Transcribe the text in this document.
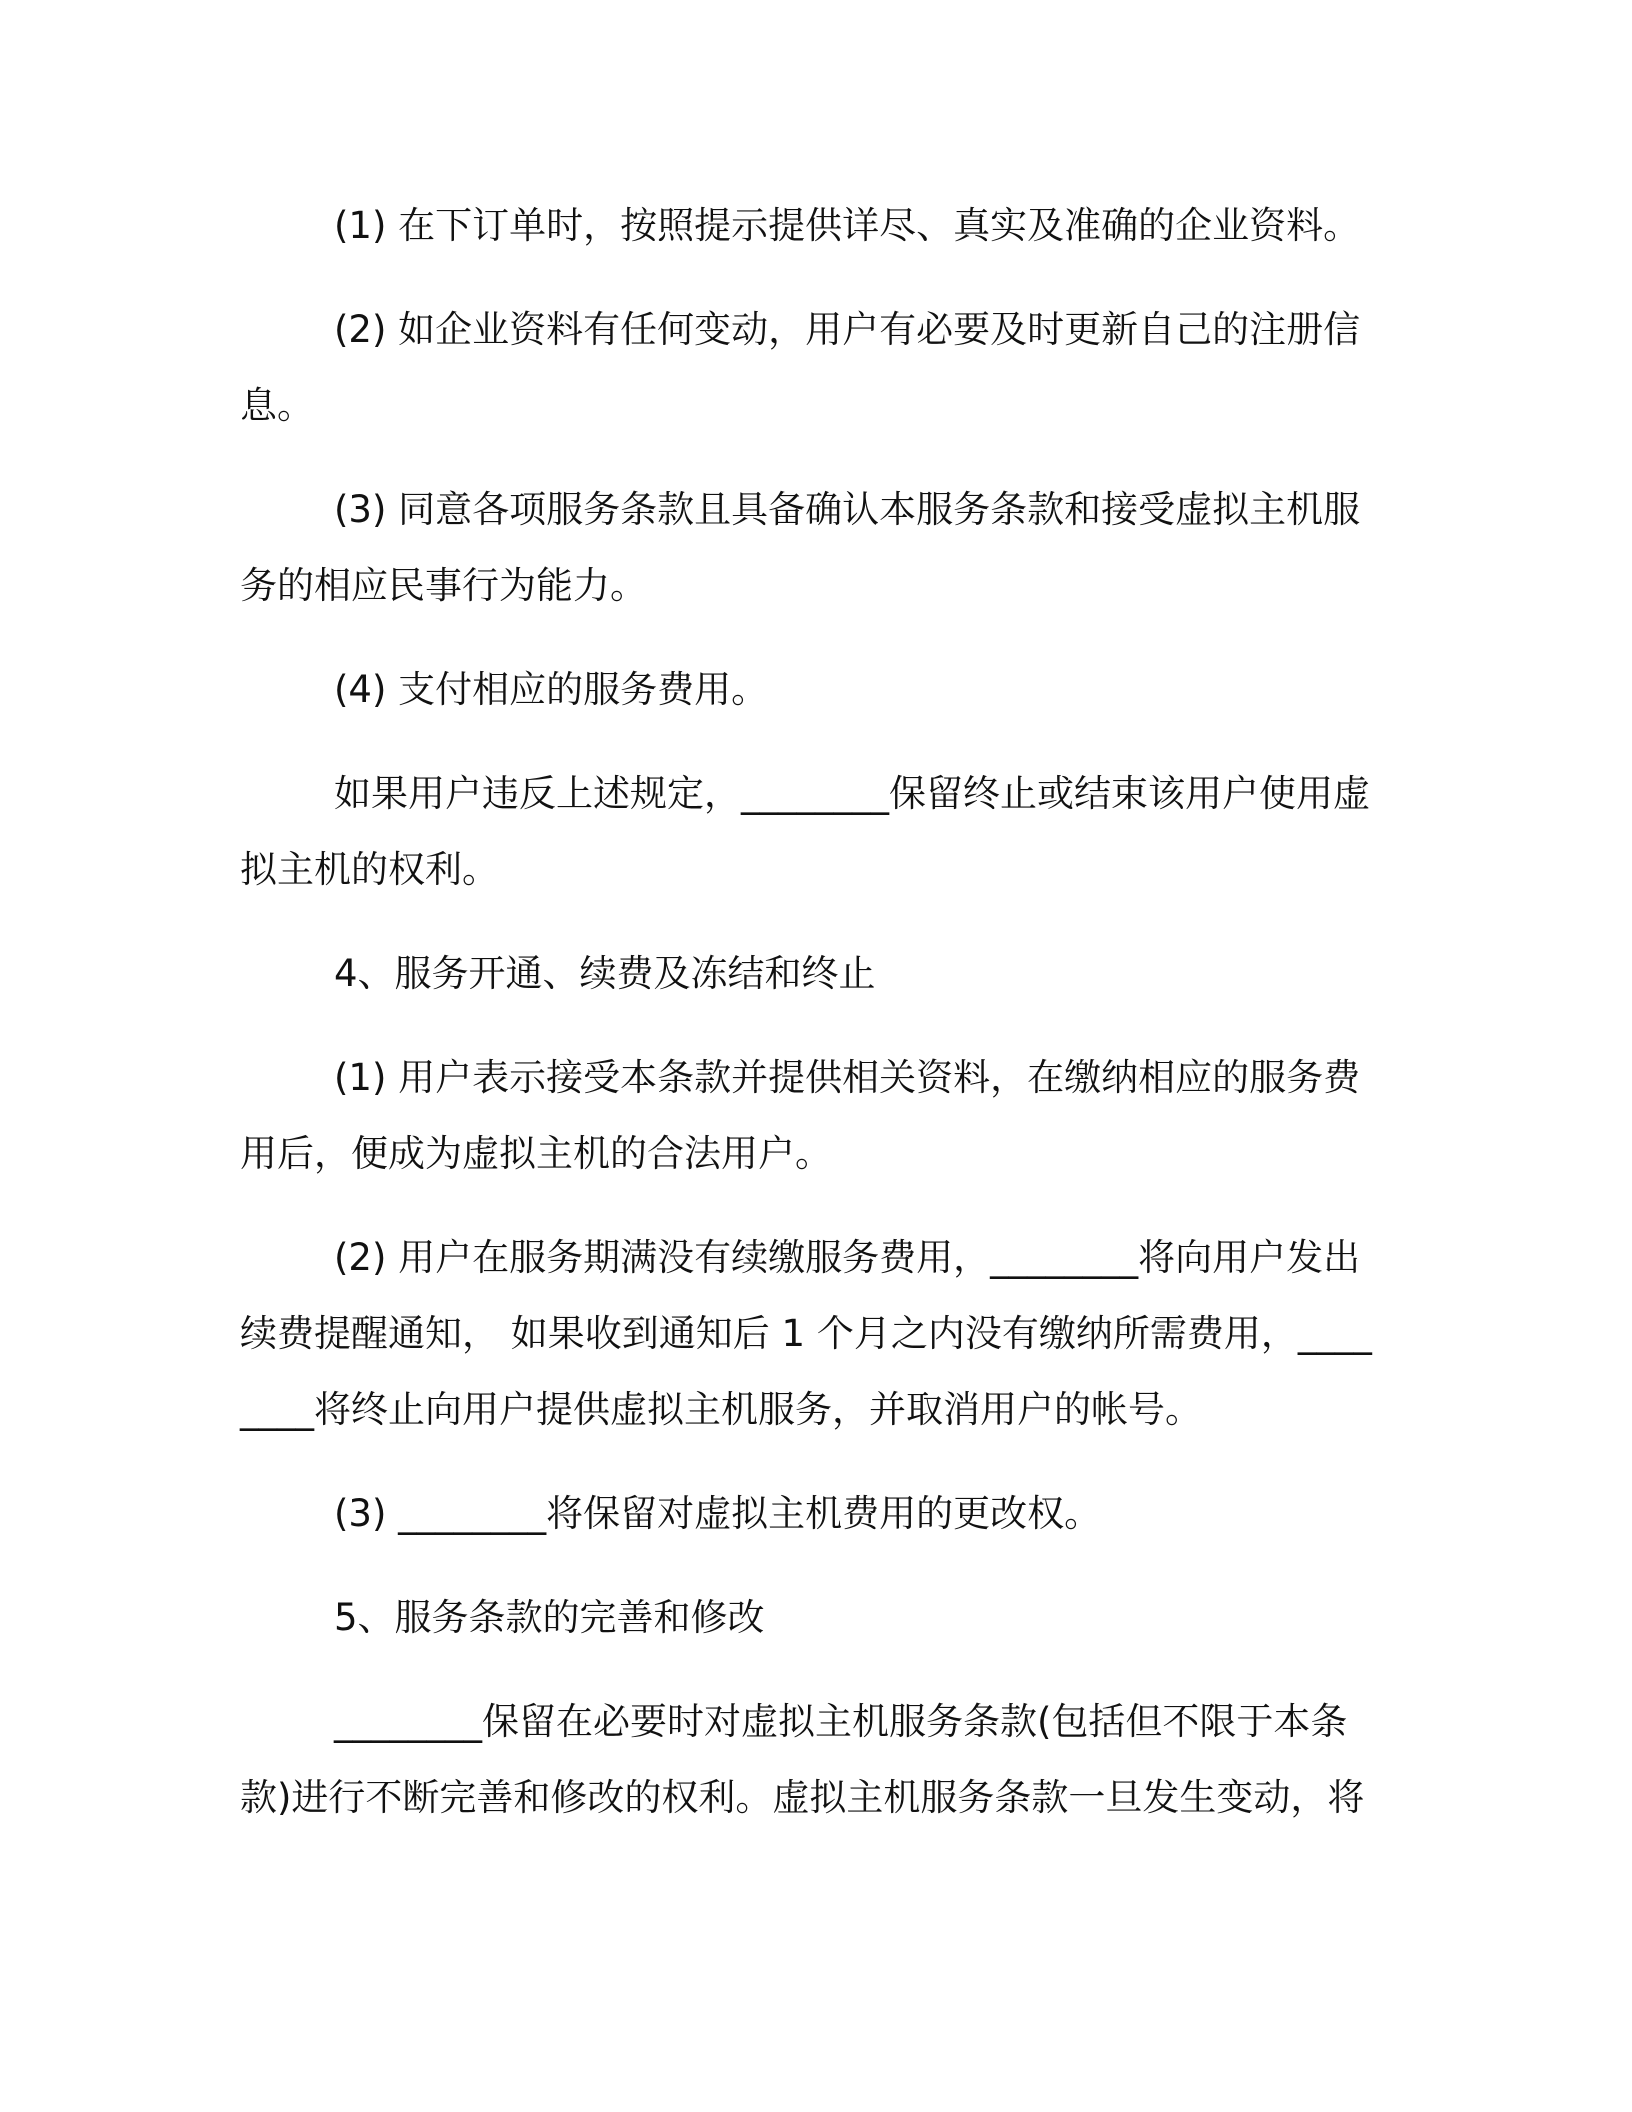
(1) 在下订单时，按照提示提供详尽、真实及准确的企业资料。

(2) 如企业资料有任何变动，用户有必要及时更新自己的注册信息。

(3) 同意各项服务条款且具备确认本服务条款和接受虚拟主机服务的相应民事行为能力。

(4) 支付相应的服务费用。

如果用户违反上述规定，________保留终止或结束该用户使用虚拟主机的权利。

4、服务开通、续费及冻结和终止

(1) 用户表示接受本条款并提供相关资料，在缴纳相应的服务费用后，便成为虚拟主机的合法用户。

(2) 用户在服务期满没有续缴服务费用，________将向用户发出续费提醒通知， 如果收到通知后 1 个月之内没有缴纳所需费用，________将终止向用户提供虚拟主机服务，并取消用户的帐号。

(3) ________将保留对虚拟主机费用的更改权。

5、服务条款的完善和修改

________保留在必要时对虚拟主机服务条款(包括但不限于本条款)进行不断完善和修改的权利。虚拟主机服务条款一旦发生变动，将
